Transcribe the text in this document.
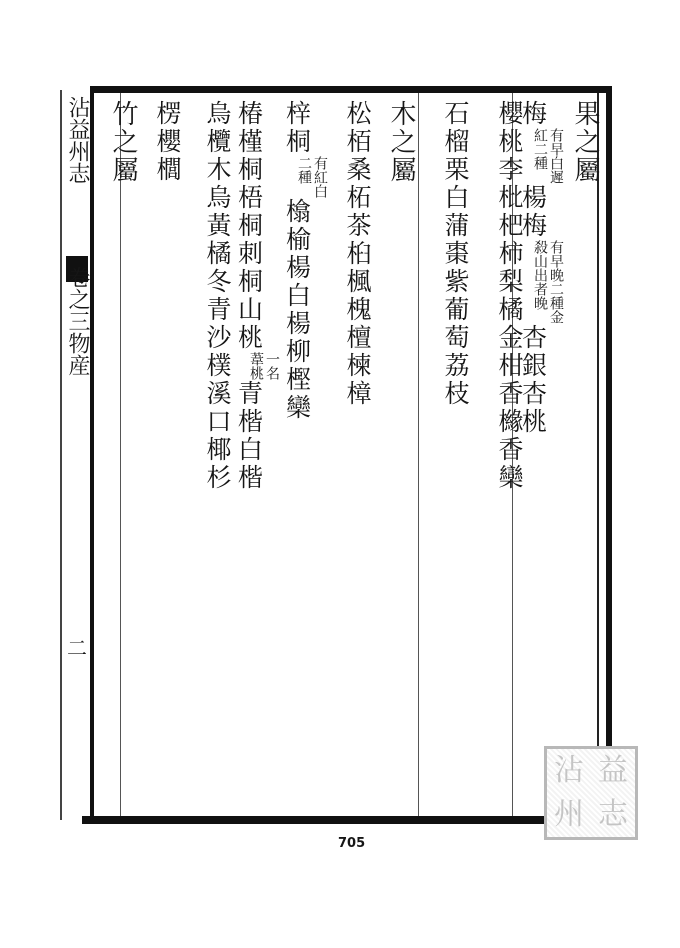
沾益州志
卷之三物産
二
果之屬
梅
有早白遲
紅二種
楊梅
有早晚二種金
殺山出者晚
杏銀杏桃
櫻桃李枇杷柿梨橘金柑香櫞香欒
石榴栗白蒲棗紫葡萄荔枝
木之屬
松栢桑柘茶桕楓槐檀楝樟
梓桐
有紅白
二種
㯓榆楊白楊柳樫欒
椿槿桐梧桐刺桐山桃
一名
葦桃
青楷白楷
烏欖木烏黃橘冬青沙樸溪口椰杉
楞櫻櫚
竹之屬
705
沾 益
州 志
